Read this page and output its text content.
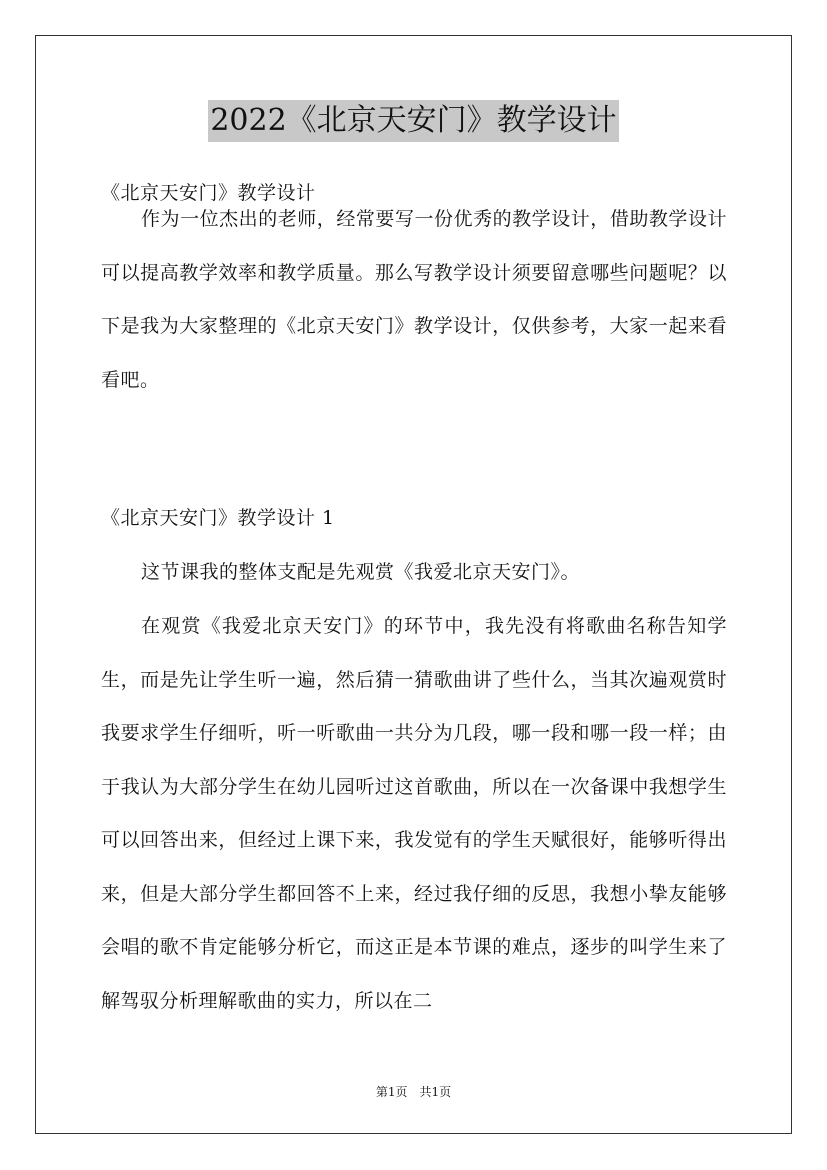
2022《北京天安门》教学设计

《北京天安门》教学设计

作为一位杰出的老师，经常要写一份优秀的教学设计，借助教学设计可以提高教学效率和教学质量。那么写教学设计须要留意哪些问题呢？以下是我为大家整理的《北京天安门》教学设计，仅供参考，大家一起来看看吧。

《北京天安门》教学设计 1

这节课我的整体支配是先观赏《我爱北京天安门》。

在观赏《我爱北京天安门》的环节中，我先没有将歌曲名称告知学生，而是先让学生听一遍，然后猜一猜歌曲讲了些什么，当其次遍观赏时我要求学生仔细听，听一听歌曲一共分为几段，哪一段和哪一段一样；由于我认为大部分学生在幼儿园听过这首歌曲，所以在一次备课中我想学生可以回答出来，但经过上课下来，我发觉有的学生天赋很好，能够听得出来，但是大部分学生都回答不上来，经过我仔细的反思，我想小挚友能够会唱的歌不肯定能够分析它，而这正是本节课的难点，逐步的叫学生来了解驾驭分析理解歌曲的实力，所以在二

第1页　共1页
